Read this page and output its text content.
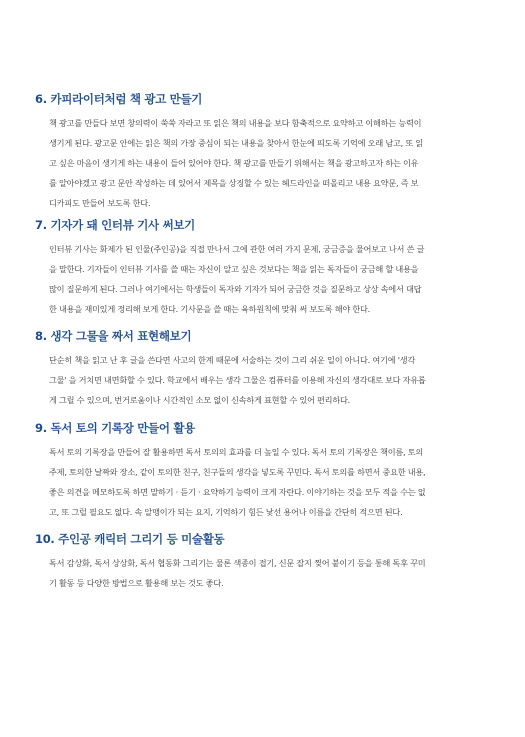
6. 카피라이터처럼 책 광고 만들기
책 광고를 만들다 보면 창의력이 쑥쑥 자라고 또 읽은 책의 내용을 보다 함축적으로 요약하고 이해하는 능력이
생기게 된다. 광고문 안에는 읽은 책의 가장 중심이 되는 내용을 찾아서 한눈에 띄도록 기억에 오래 남고, 또 읽
고 싶은 마음이 생기게 하는 내용이 들어 있어야 한다. 책 광고를 만들기 위해서는 책을 광고하고자 하는 이유
를 알아야겠고 광고 문안 작성하는 데 있어서 제목을 상징할 수 있는 헤드라인을 떠올리고 내용 요약문, 즉 보
디카피도 만들어 보도록 한다.
7. 기자가 돼 인터뷰 기사 써보기
인터뷰 기사는 화제가 된 인물(주인공)을 직접 만나서 그에 관한 여러 가지 문제, 궁금증을 물어보고 나서 쓴 글
을 말한다. 기자들이 인터뷰 기사를 쓸 때는 자신이 알고 싶은 것보다는 책을 읽는 독자들이 궁금해 할 내용을
많이 질문하게 된다. 그러나 여기에서는 학생들이 독자와 기자가 되어 궁금한 것을 질문하고 상상 속에서 대답
한 내용을 재미있게 정리해 보게 한다. 기사문을 쓸 때는 육하원칙에 맞춰 써 보도록 해야 한다.
8. 생각 그물을 짜서 표현해보기
단순히 책을 읽고 난 후 글을 쓴다면 사고의 한계 때문에 서술하는 것이 그리 쉬운 일이 아니다. 여기에 '생각
그물' 을 거치면 내면화할 수 있다. 학교에서 배우는 생각 그물은 컴퓨터를 이용해 자신의 생각대로 보다 자유롭
게 그릴 수 있으며, 번거로움이나 시간적인 소모 없이 신속하게 표현할 수 있어 편리하다.
9. 독서 토의 기록장 만들어 활용
독서 토의 기록장을 만들어 잘 활용하면 독서 토의의 효과를 더 높일 수 있다. 독서 토의 기록장은 책이름, 토의
주제, 토의한 날짜와 장소, 같이 토의한 친구, 친구들의 생각을 넣도록 꾸민다. 독서 토의를 하면서 중요한 내용,
좋은 의견을 메모하도록 하면 말하기 · 듣기 · 요약하기 능력이 크게 자란다. 이야기하는 것을 모두 적을 수는 없
고, 또 그럴 필요도 없다. 속 알맹이가 되는 요지, 기억하기 힘든 낯선 용어나 이름을 간단히 적으면 된다.
10. 주인공 캐릭터 그리기 등 미술활동
독서 감상화, 독서 상상화, 독서 협동화 그리기는 물론 색종이 접기, 신문 잡지 찢어 붙이기 등을 통해 독후 꾸미
기 활동 등 다양한 방법으로 활용해 보는 것도 좋다.
